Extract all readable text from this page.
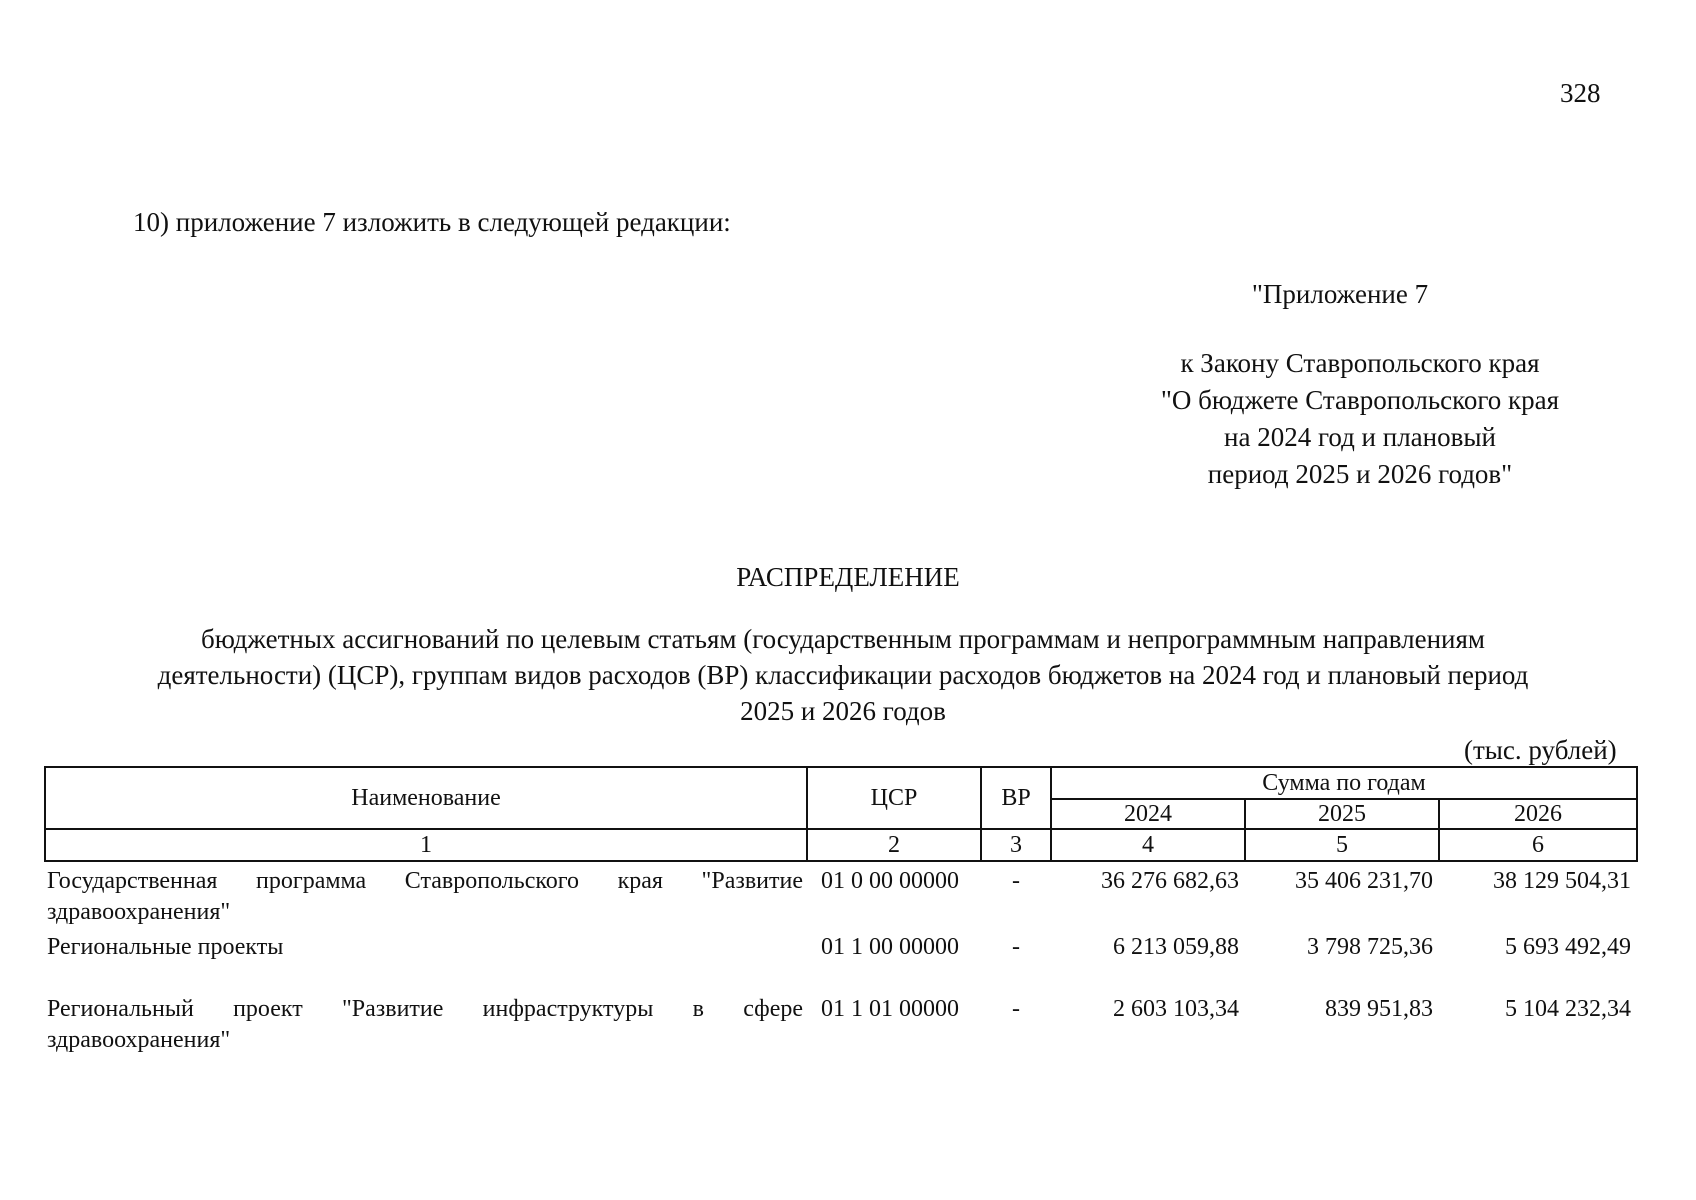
328
10) приложение 7 изложить в следующей редакции:
"Приложение 7
к Закону Ставропольского края
"О бюджете Ставропольского края
на 2024 год и плановый
период 2025 и 2026 годов"
РАСПРЕДЕЛЕНИЕ
бюджетных ассигнований по целевым статьям (государственным программам и непрограммным направлениям деятельности) (ЦСР), группам видов расходов (ВР) классификации расходов бюджетов на 2024 год и плановый период 2025 и 2026 годов
(тыс. рублей)
Наименование	ЦСР	ВР	Сумма по годам		
			2024	2025	2026
1	2	3	4	5	6
Государственная программа Ставропольского края "Развитие здравоохранения"	01 0 00 00000	-	36 276 682,63	35 406 231,70	38 129 504,31
Региональные проекты	01 1 00 00000	-	6 213 059,88	3 798 725,36	5 693 492,49
Региональный проект "Развитие инфраструктуры в сфере здравоохранения"	01 1 01 00000	-	2 603 103,34	839 951,83	5 104 232,34
